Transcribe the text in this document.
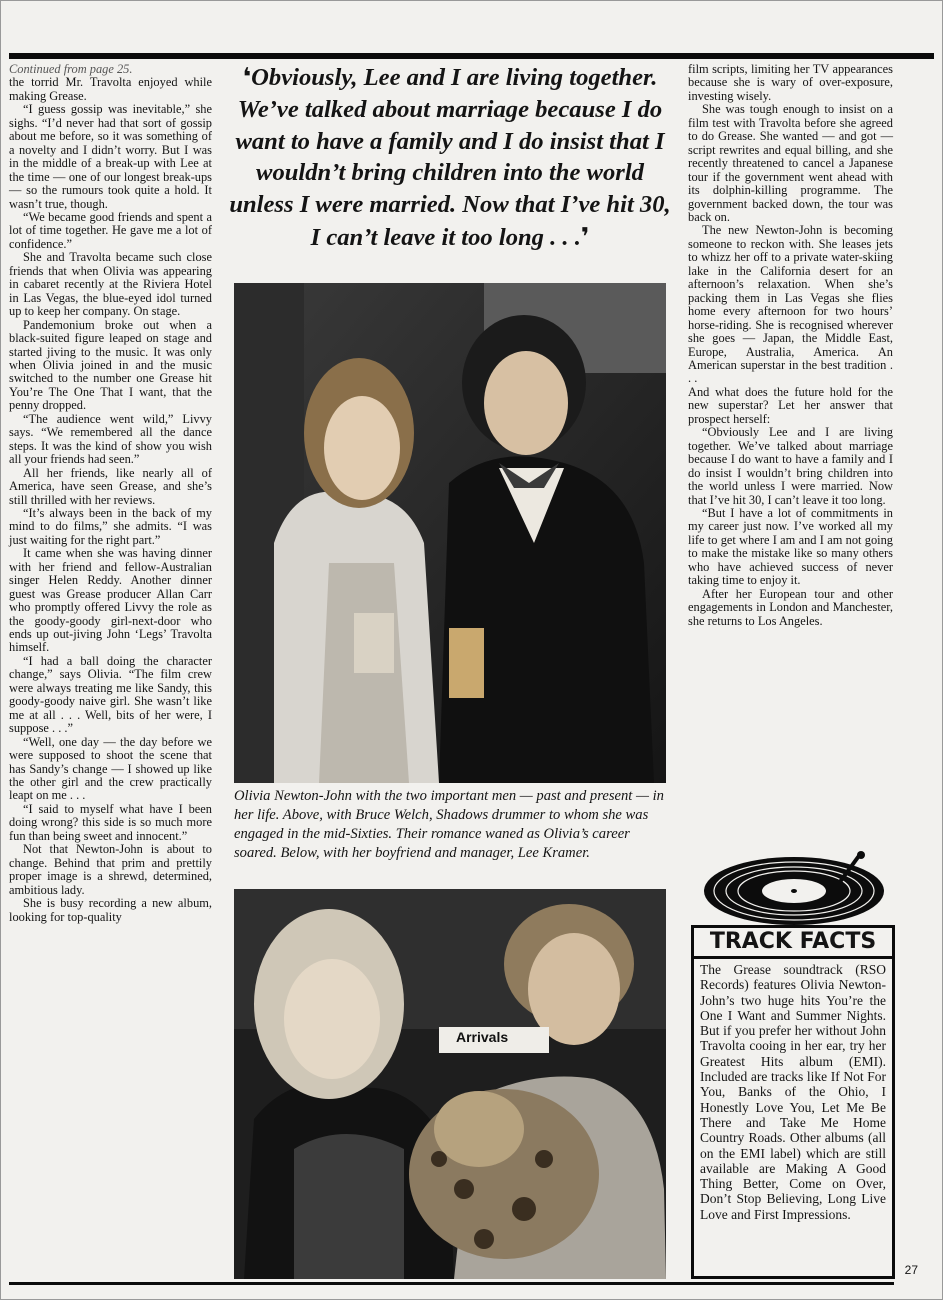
Continued from page 25.

the torrid Mr. Travolta enjoyed while making Grease.

“I guess gossip was inevitable,” she sighs. “I’d never had that sort of gossip about me before, so it was something of a novelty and I didn’t worry. But I was in the middle of a break-up with Lee at the time — one of our longest break-ups — so the rumours took quite a hold. It wasn’t true, though.

“We became good friends and spent a lot of time together. He gave me a lot of confidence.”

She and Travolta became such close friends that when Olivia was appearing in cabaret recently at the Riviera Hotel in Las Vegas, the blue-eyed idol turned up to keep her company. On stage.

Pandemonium broke out when a black-suited figure leaped on stage and started jiving to the music. It was only when Olivia joined in and the music switched to the number one Grease hit You’re The One That I want, that the penny dropped.

“The audience went wild,” Livvy says. “We remembered all the dance steps. It was the kind of show you wish all your friends had seen.”

All her friends, like nearly all of America, have seen Grease, and she’s still thrilled with her reviews.

“It’s always been in the back of my mind to do films,” she admits. “I was just waiting for the right part.”

It came when she was having dinner with her friend and fellow-Australian singer Helen Reddy. Another dinner guest was Grease producer Allan Carr who promptly offered Livvy the role as the goody-goody girl-next-door who ends up out-jiving John ‘Legs’ Travolta himself.

“I had a ball doing the character change,” says Olivia. “The film crew were always treating me like Sandy, this goody-goody naive girl. She wasn’t like me at all . . . Well, bits of her were, I suppose . . .”

“Well, one day — the day before we were supposed to shoot the scene that has Sandy’s change — I showed up like the other girl and the crew practically leapt on me . . .

“I said to myself what have I been doing wrong? this side is so much more fun than being sweet and innocent.”

Not that Newton-John is about to change. Behind that prim and prettily proper image is a shrewd, determined, ambitious lady.

She is busy recording a new album, looking for top-quality

❛Obviously, Lee and I are living together. We’ve talked about marriage because I do want to have a family and I do insist that I wouldn’t bring children into the world unless I were married. Now that I’ve hit 30, I can’t leave it too long . . .❜
Olivia Newton-John with the two important men — past and present — in her life. Above, with Bruce Welch, Shadows drummer to whom she was engaged in the mid-Sixties. Their romance waned as Olivia’s career soared. Below, with her boyfriend and manager, Lee Kramer.
Arrivals

film scripts, limiting her TV appearances because she is wary of over-exposure, investing wisely.

She was tough enough to insist on a film test with Travolta before she agreed to do Grease. She wanted — and got — script rewrites and equal billing, and she recently threatened to cancel a Japanese tour if the government went ahead with its dolphin-killing programme. The government backed down, the tour was back on.

The new Newton-John is becoming someone to reckon with. She leases jets to whizz her off to a private water-skiing lake in the California desert for an afternoon’s relaxation. When she’s packing them in Las Vegas she flies home every afternoon for two hours’ horse-riding. She is recognised wherever she goes — Japan, the Middle East, Europe, Australia, America. An American superstar in the best tradition . . .

And what does the future hold for the new superstar? Let her answer that prospect herself:

“Obviously Lee and I are living together. We’ve talked about marriage because I do want to have a family and I do insist I wouldn’t bring children into the world unless I were married. Now that I’ve hit 30, I can’t leave it too long.

“But I have a lot of commitments in my career just now. I’ve worked all my life to get where I am and I am not going to make the mistake like so many others who have achieved success of never taking time to enjoy it.

After her European tour and other engagements in London and Manchester, she returns to Los Angeles.

TRACK FACTS
The Grease soundtrack (RSO Records) features Olivia Newton-John’s two huge hits You’re the One I Want and Summer Nights. But if you prefer her without John Travolta cooing in her ear, try her Greatest Hits album (EMI). Included are tracks like If Not For You, Banks of the Ohio, I Honestly Love You, Let Me Be There and Take Me Home Country Roads. Other albums (all on the EMI label) which are still available are Making A Good Thing Better, Come on Over, Don’t Stop Believing, Long Live Love and First Impressions.
27
